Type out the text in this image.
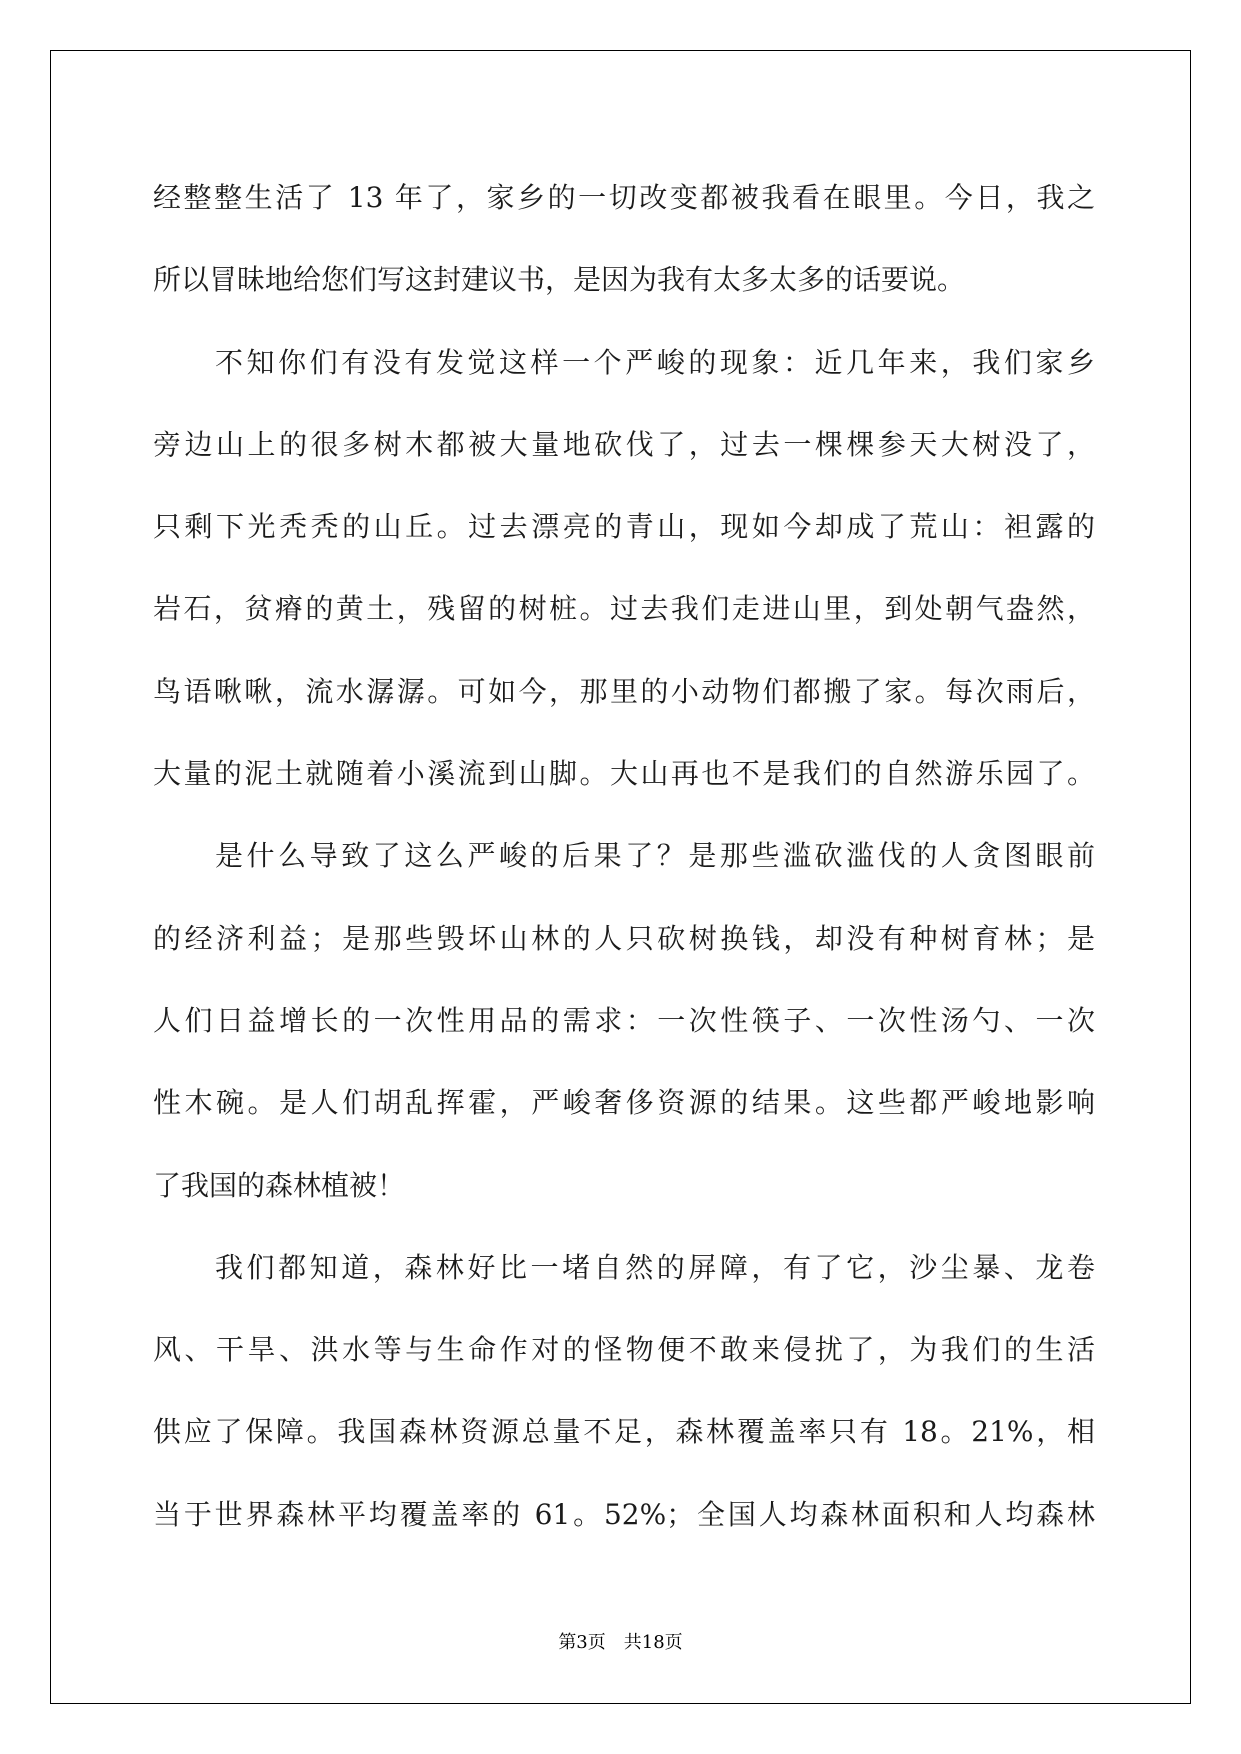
经整整生活了 13 年了，家乡的一切改变都被我看在眼里。今日，我之
所以冒昧地给您们写这封建议书，是因为我有太多太多的话要说。
不知你们有没有发觉这样一个严峻的现象：近几年来，我们家乡
旁边山上的很多树木都被大量地砍伐了，过去一棵棵参天大树没了，
只剩下光秃秃的山丘。过去漂亮的青山，现如今却成了荒山：袒露的
岩石，贫瘠的黄土，残留的树桩。过去我们走进山里，到处朝气盎然，
鸟语啾啾，流水潺潺。可如今，那里的小动物们都搬了家。每次雨后，
大量的泥土就随着小溪流到山脚。大山再也不是我们的自然游乐园了。
是什么导致了这么严峻的后果了？是那些滥砍滥伐的人贪图眼前
的经济利益；是那些毁坏山林的人只砍树换钱，却没有种树育林；是
人们日益增长的一次性用品的需求：一次性筷子、一次性汤勺、一次
性木碗。是人们胡乱挥霍，严峻奢侈资源的结果。这些都严峻地影响
了我国的森林植被！
我们都知道，森林好比一堵自然的屏障，有了它，沙尘暴、龙卷
风、干旱、洪水等与生命作对的怪物便不敢来侵扰了，为我们的生活
供应了保障。我国森林资源总量不足，森林覆盖率只有 18。21%，相
当于世界森林平均覆盖率的 61。52%；全国人均森林面积和人均森林
第3页 共18页
